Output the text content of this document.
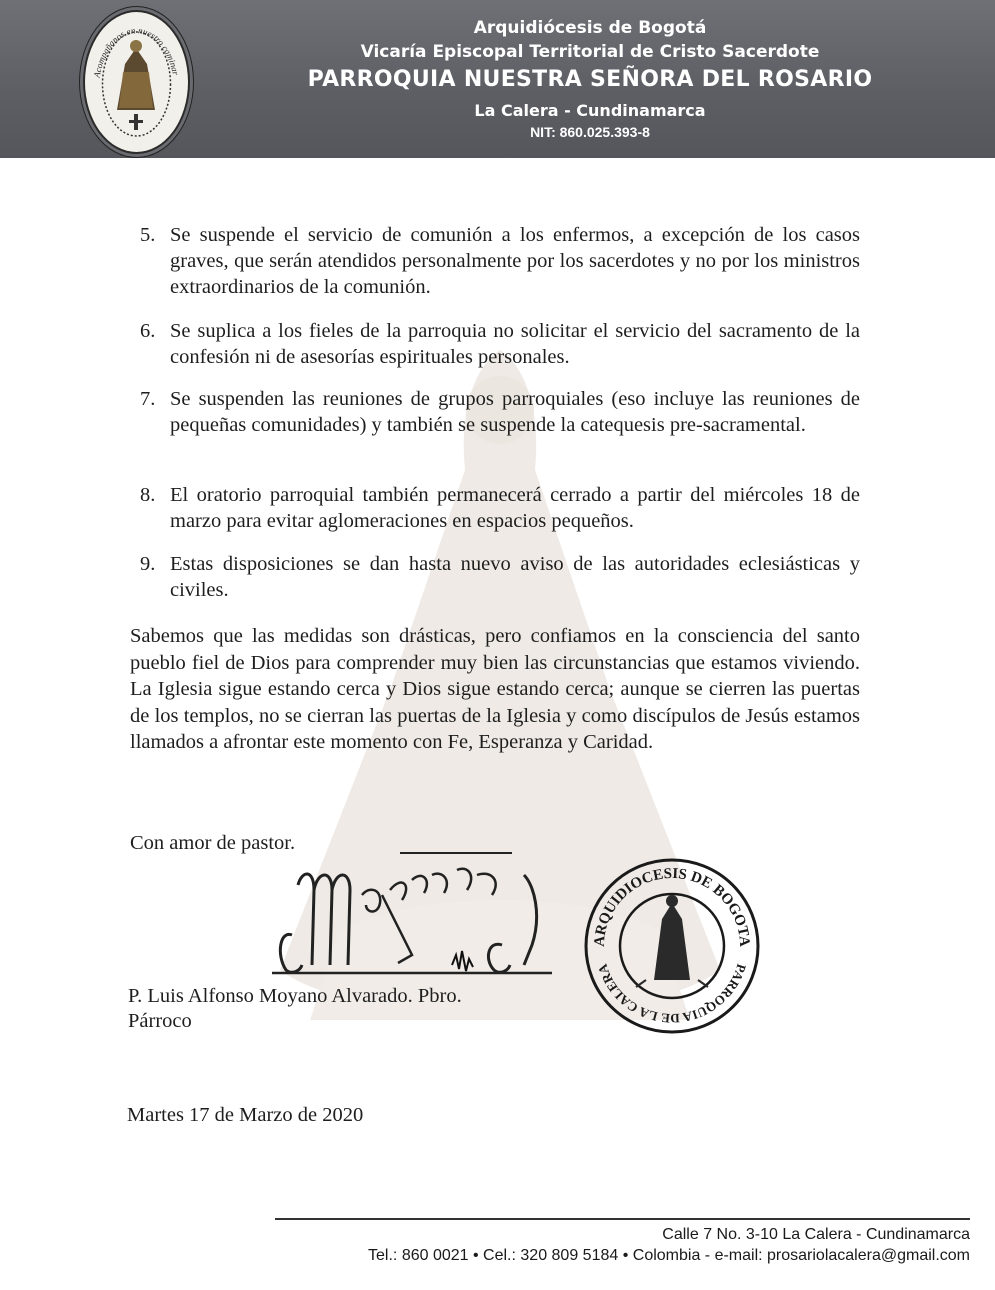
Acompañanos en nuestro caminar
Arquidiócesis de Bogotá
Vicaría Episcopal Territorial de Cristo Sacerdote
PARROQUIA NUESTRA SEÑORA DEL ROSARIO
La Calera - Cundinamarca
NIT: 860.025.393-8
5. Se suspende el servicio de comunión a los enfermos, a excepción de los casos graves, que serán atendidos personalmente por los sacerdotes y no por los ministros extraordinarios de la comunión.
6. Se suplica a los fieles de la parroquia no solicitar el servicio del sacramento de la confesión ni de asesorías espirituales personales.
7. Se suspenden las reuniones de grupos parroquiales (eso incluye las reuniones de pequeñas comunidades) y también se suspende la catequesis pre-sacramental.
8. El oratorio parroquial también permanecerá cerrado a partir del miércoles 18 de marzo para evitar aglomeraciones en espacios pequeños.
9. Estas disposiciones se dan hasta nuevo aviso de las autoridades eclesiásticas y civiles.
Sabemos que las medidas son drásticas, pero confiamos en la consciencia del santo pueblo fiel de Dios para comprender muy bien las circunstancias que estamos viviendo. La Iglesia sigue estando cerca y Dios sigue estando cerca; aunque se cierren las puertas de los templos, no se cierran las puertas de la Iglesia y como discípulos de Jesús estamos llamados a afrontar este momento con Fe, Esperanza y Caridad.
Con amor de pastor.
ARQUIDIOCESIS DE BOGOTA
PARROQUIA DE LA CALERA
P. Luis Alfonso Moyano Alvarado. Pbro.
Párroco
Martes 17 de Marzo de 2020
Calle 7 No. 3-10 La Calera - Cundinamarca
Tel.: 860 0021 • Cel.: 320 809 5184 • Colombia - e-mail: prosariolacalera@gmail.com
